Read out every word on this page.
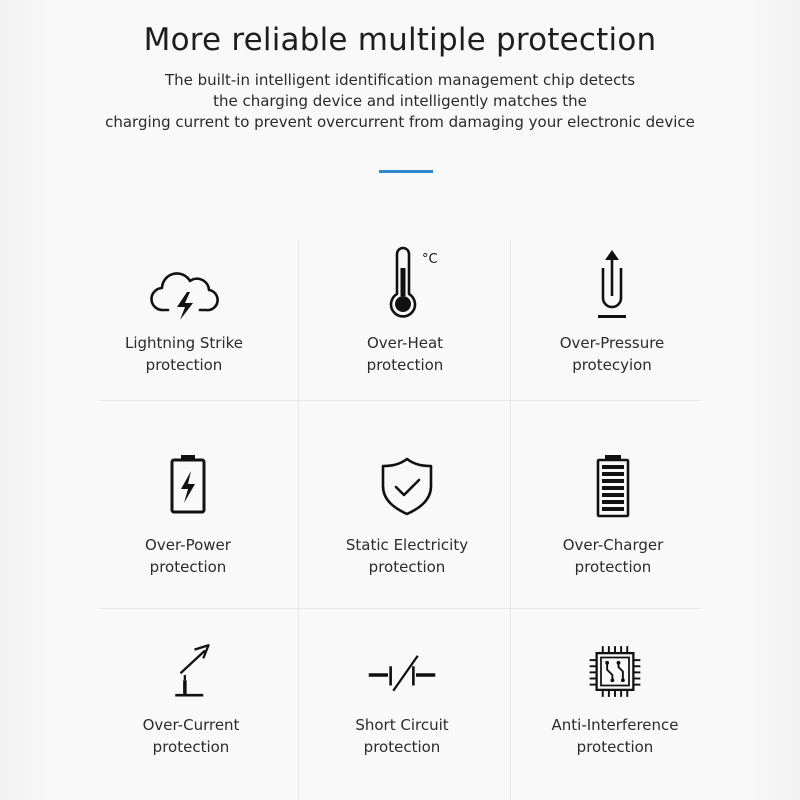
More reliable multiple protection
The built-in intelligent identification management chip detects
the charging device and intelligently matches the
charging current to prevent overcurrent from damaging your electronic device
Lightning Strike
protection
°C
Over-Heat
protection
Over-Pressure
protecyion
Over-Power
protection
Static Electricity
protection
Over-Charger
protection
Over-Current
protection
Short Circuit
protection
Anti-Interference
protection
